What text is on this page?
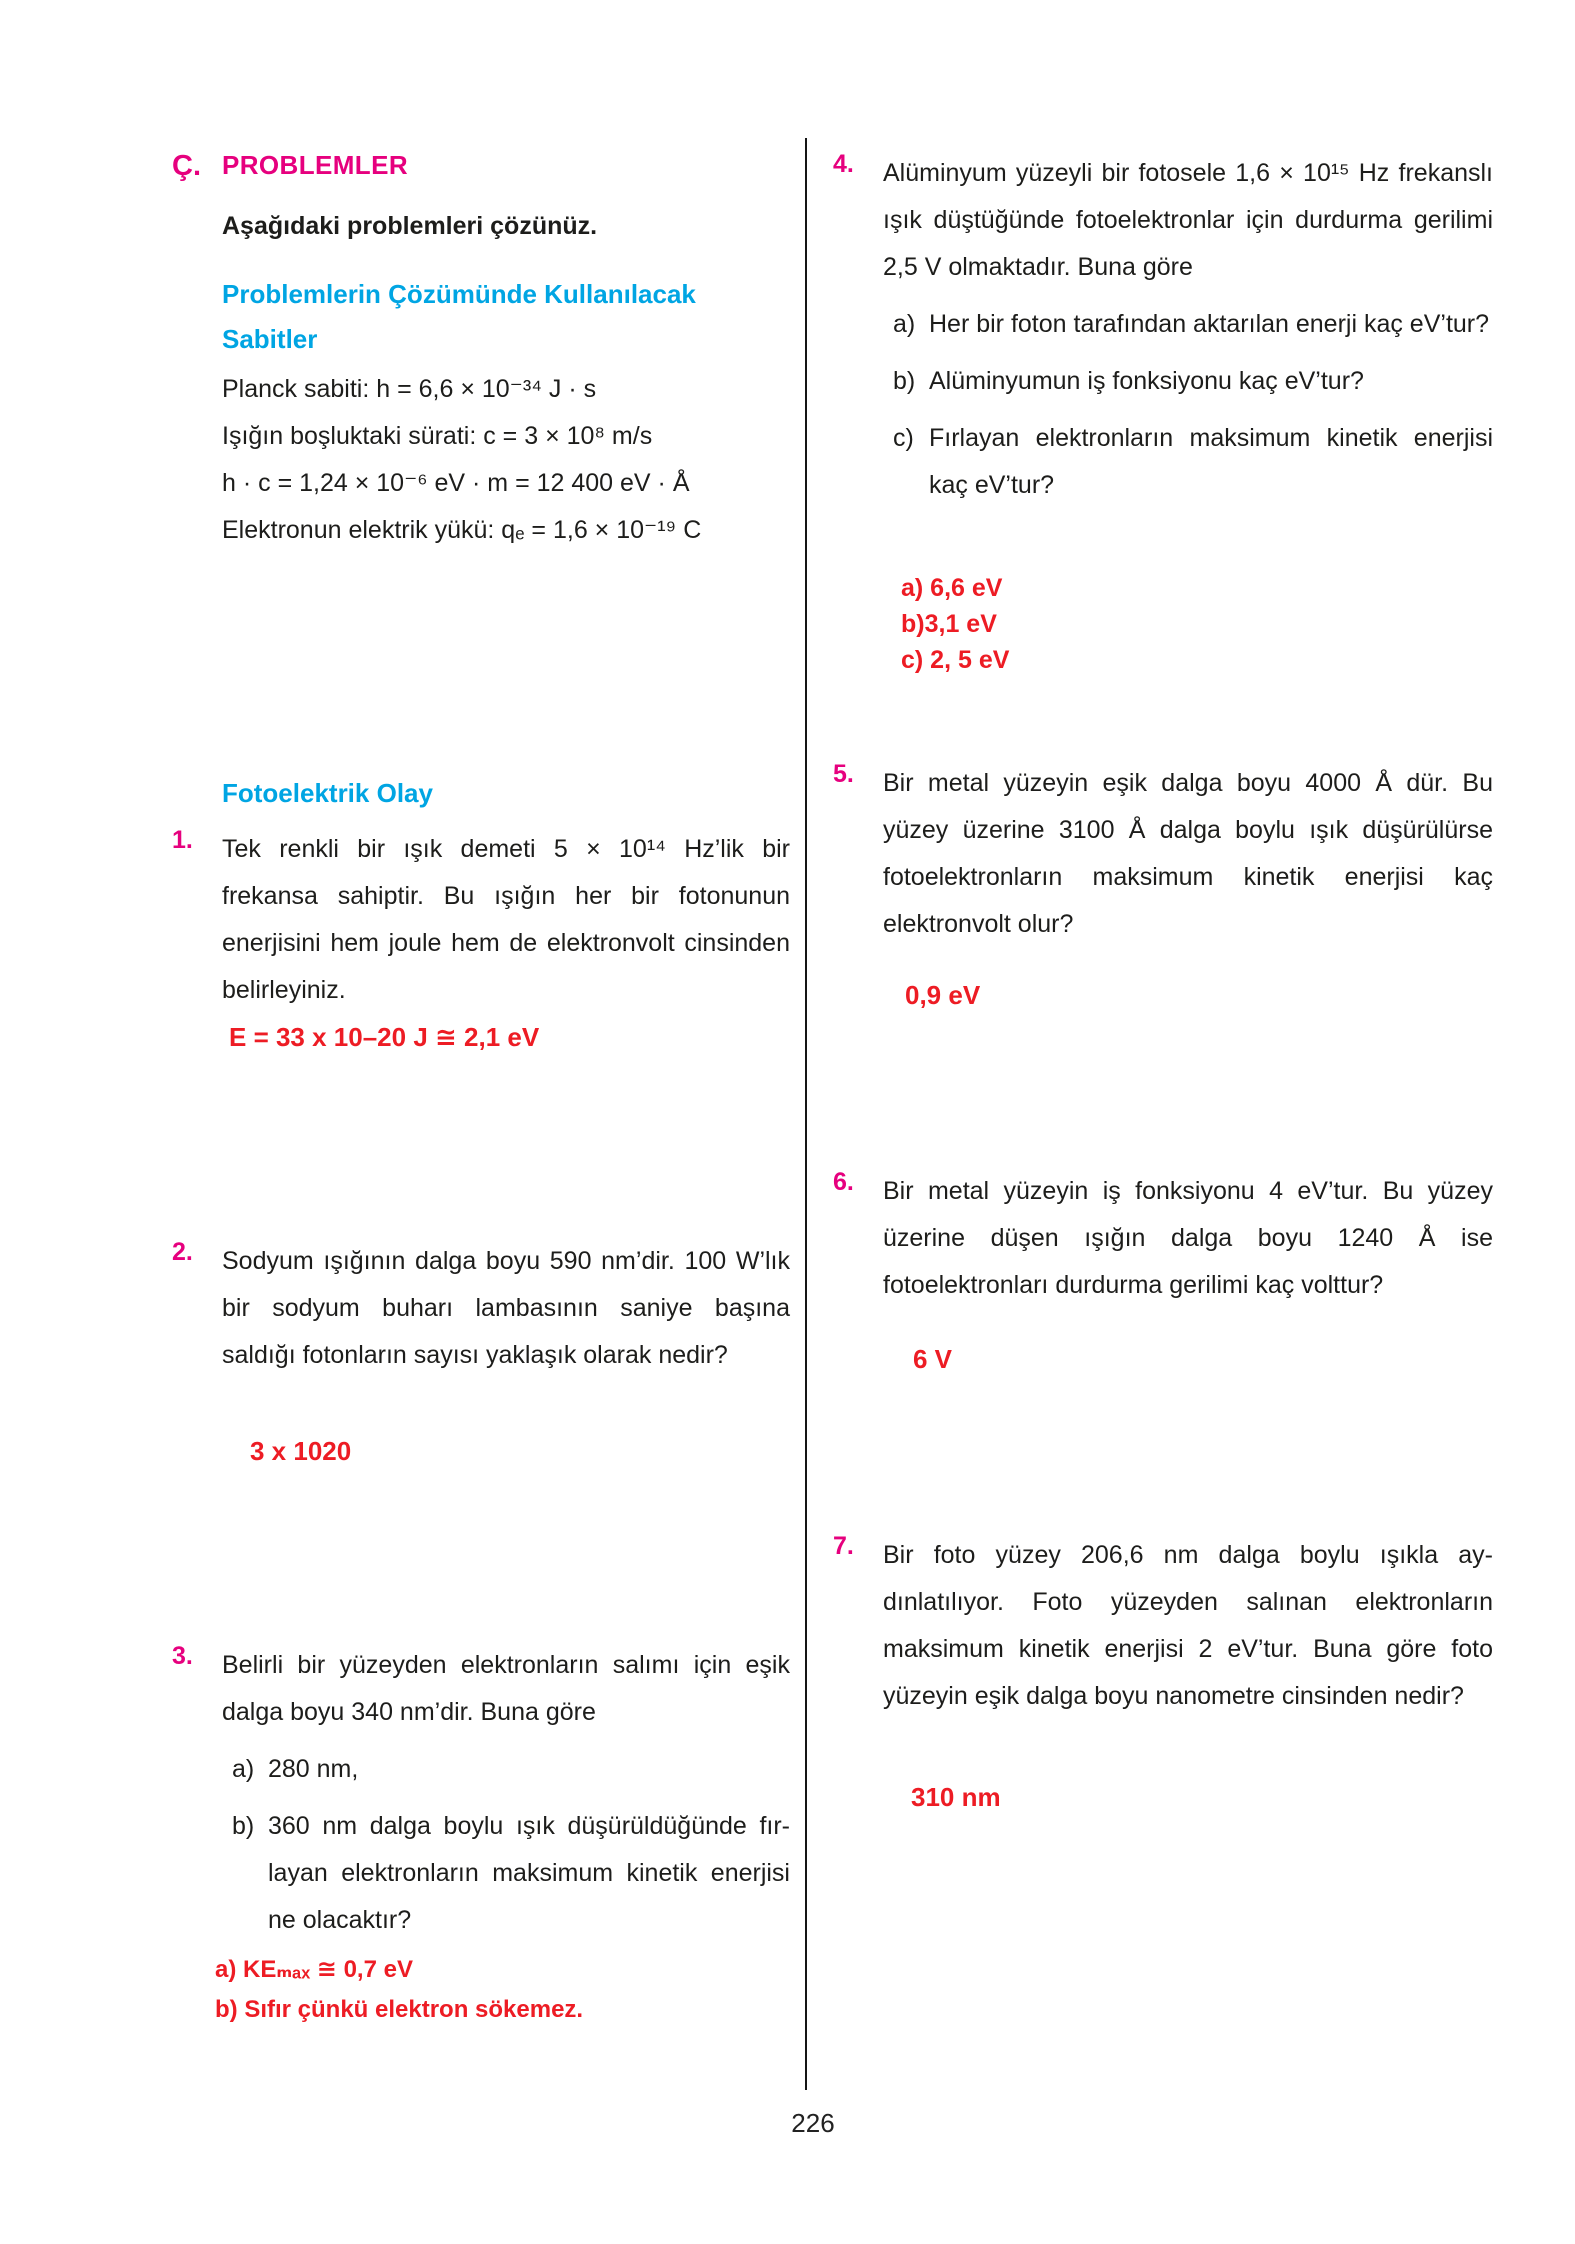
Ç. PROBLEMLER
Aşağıdaki problemleri çözünüz.
Problemlerin Çözümünde Kullanılacak
Sabitler
Planck sabiti: h = 6,6 × 10⁻³⁴ J · s
Işığın boşluktaki sürati: c = 3 × 10⁸ m/s
h · c = 1,24 × 10⁻⁶ eV · m = 12 400 eV · Å
Elektronun elektrik yükü: qₑ = 1,6 × 10⁻¹⁹ C
Fotoelektrik Olay
1. Tek renkli bir ışık demeti 5 × 10¹⁴ Hz’lik bir frekansa sahiptir. Bu ışığın her bir fotonunun enerjisini hem joule hem de elektronvolt cinsinden belirleyiniz.
E = 33 x 10–20 J ≅ 2,1 eV
2. Sodyum ışığının dalga boyu 590 nm’dir. 100 W’lık bir sodyum buharı lambasının saniye başına saldığı fotonların sayısı yaklaşık olarak nedir?
3 x 1020
3. Belirli bir yüzeyden elektronların salımı için eşik dalga boyu 340 nm’dir. Buna göre
a) 280 nm,
b) 360 nm dalga boylu ışık düşürüldüğünde fırlayan elektronların maksimum kinetik enerjisi ne olacaktır?
a) KEₘₐₓ ≅ 0,7 eV
b) Sıfır çünkü elektron sökemez.
4. Alüminyum yüzeyli bir fotosele 1,6 × 10¹⁵ Hz frekanslı ışık düştüğünde fotoelektronlar için durdurma gerilimi 2,5 V olmaktadır. Buna göre
a) Her bir foton tarafından aktarılan enerji kaç eV’tur?
b) Alüminyumun iş fonksiyonu kaç eV’tur?
c) Fırlayan elektronların maksimum kinetik enerjisi kaç eV’tur?
a) 6,6 eV
b)3,1 eV
c) 2, 5 eV
5. Bir metal yüzeyin eşik dalga boyu 4000 Å dür. Bu yüzey üzerine 3100 Å dalga boylu ışık düşürülürse fotoelektronların maksimum kinetik enerjisi kaç elektronvolt olur?
0,9 eV
6. Bir metal yüzeyin iş fonksiyonu 4 eV’tur. Bu yüzey üzerine düşen ışığın dalga boyu 1240 Å ise fotoelektronları durdurma gerilimi kaç volttur?
6 V
7. Bir foto yüzey 206,6 nm dalga boylu ışıkla aydınlatılıyor. Foto yüzeyden salınan elektronların maksimum kinetik enerjisi 2 eV’tur. Buna göre foto yüzeyin eşik dalga boyu nanometre cinsinden nedir?
310 nm
226
